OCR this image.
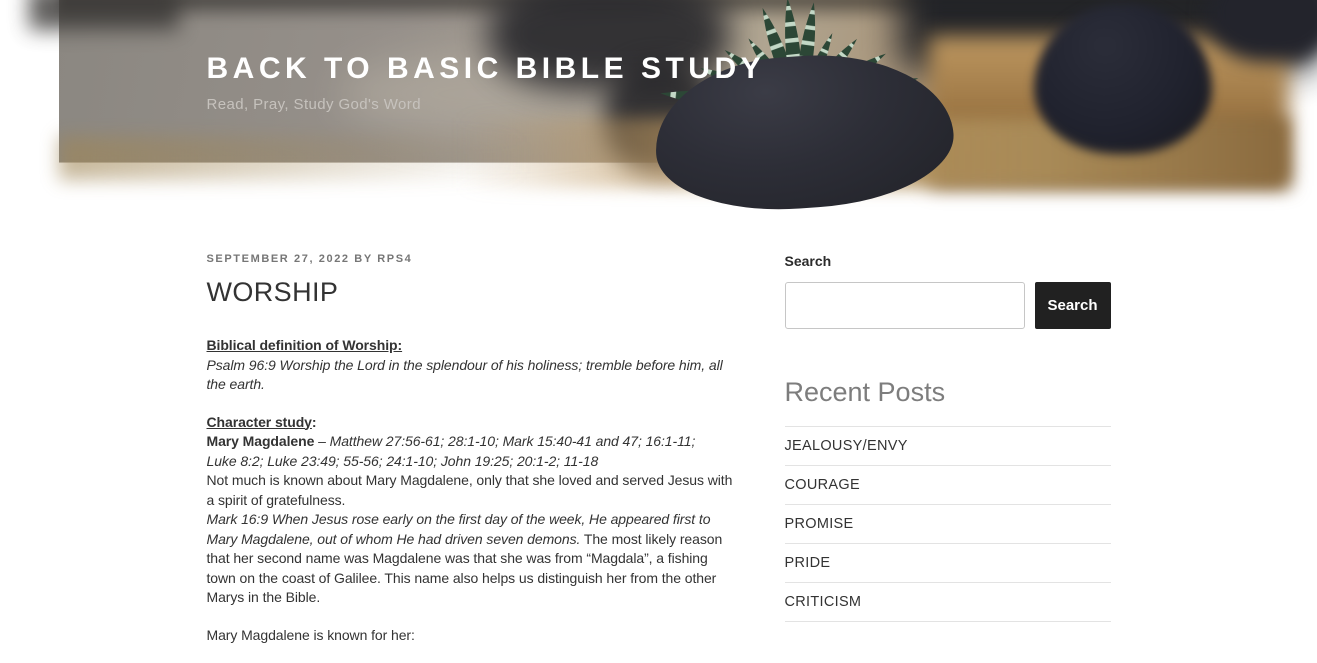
BACK TO BASIC BIBLE STUDY

Read, Pray, Study God's Word

SEPTEMBER 27, 2022 BY RPS4
WORSHIP

Biblical definition of Worship:
Psalm 96:9 Worship the Lord in the splendour of his holiness; tremble before him, all the earth.

Character study:
Mary Magdalene – Matthew 27:56-61; 28:1-10; Mark 15:40-41 and 47; 16:1-11;
Luke 8:2; Luke 23:49; 55-56; 24:1-10; John 19:25; 20:1-2; 11-18
Not much is known about Mary Magdalene, only that she loved and served Jesus with a spirit of gratefulness.
Mark 16:9 When Jesus rose early on the first day of the week, He appeared first to Mary Magdalene, out of whom He had driven seven demons. The most likely reason that her second name was Magdalene was that she was from “Magdala”, a fishing town on the coast of Galilee. This name also helps us distinguish her from the other Marys in the Bible.

Mary Magdalene is known for her:

Search
Search
Recent Posts
JEALOUSY/ENVY
COURAGE
PROMISE
PRIDE
CRITICISM
